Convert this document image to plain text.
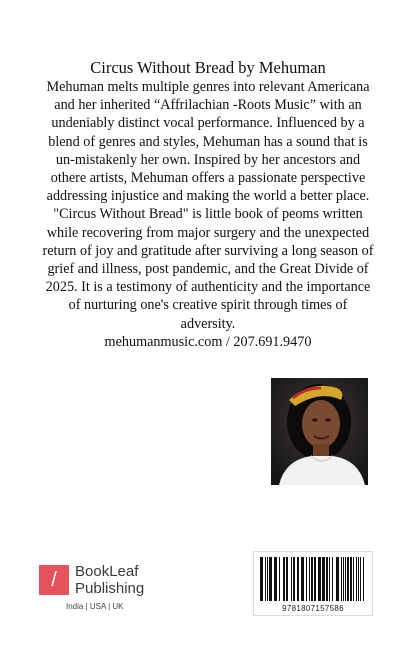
Circus Without Bread by Mehuman

Mehuman melts multiple genres into relevant Americana and her inherited “Affrilachian -Roots Music” with an undeniably distinct vocal performance. Influenced by a blend of genres and styles, Mehuman has a sound that is un-mistakenly her own. Inspired by her ancestors and othere artists, Mehuman offers a passionate perspective addressing injustice and making the world a better place.

"Circus Without Bread" is little book of peoms written while recovering from major surgery and the unexpected return of joy and gratitude after surviving a long season of grief and illness, post pandemic, and the Great Divide of 2025. It is a testimony of authenticity and the importance of nurturing one's creative spirit through times of adversity.

mehumanmusic.com / 207.691.9470

/	BookLeaf
Publishing
India | USA | UK	9781807157586
